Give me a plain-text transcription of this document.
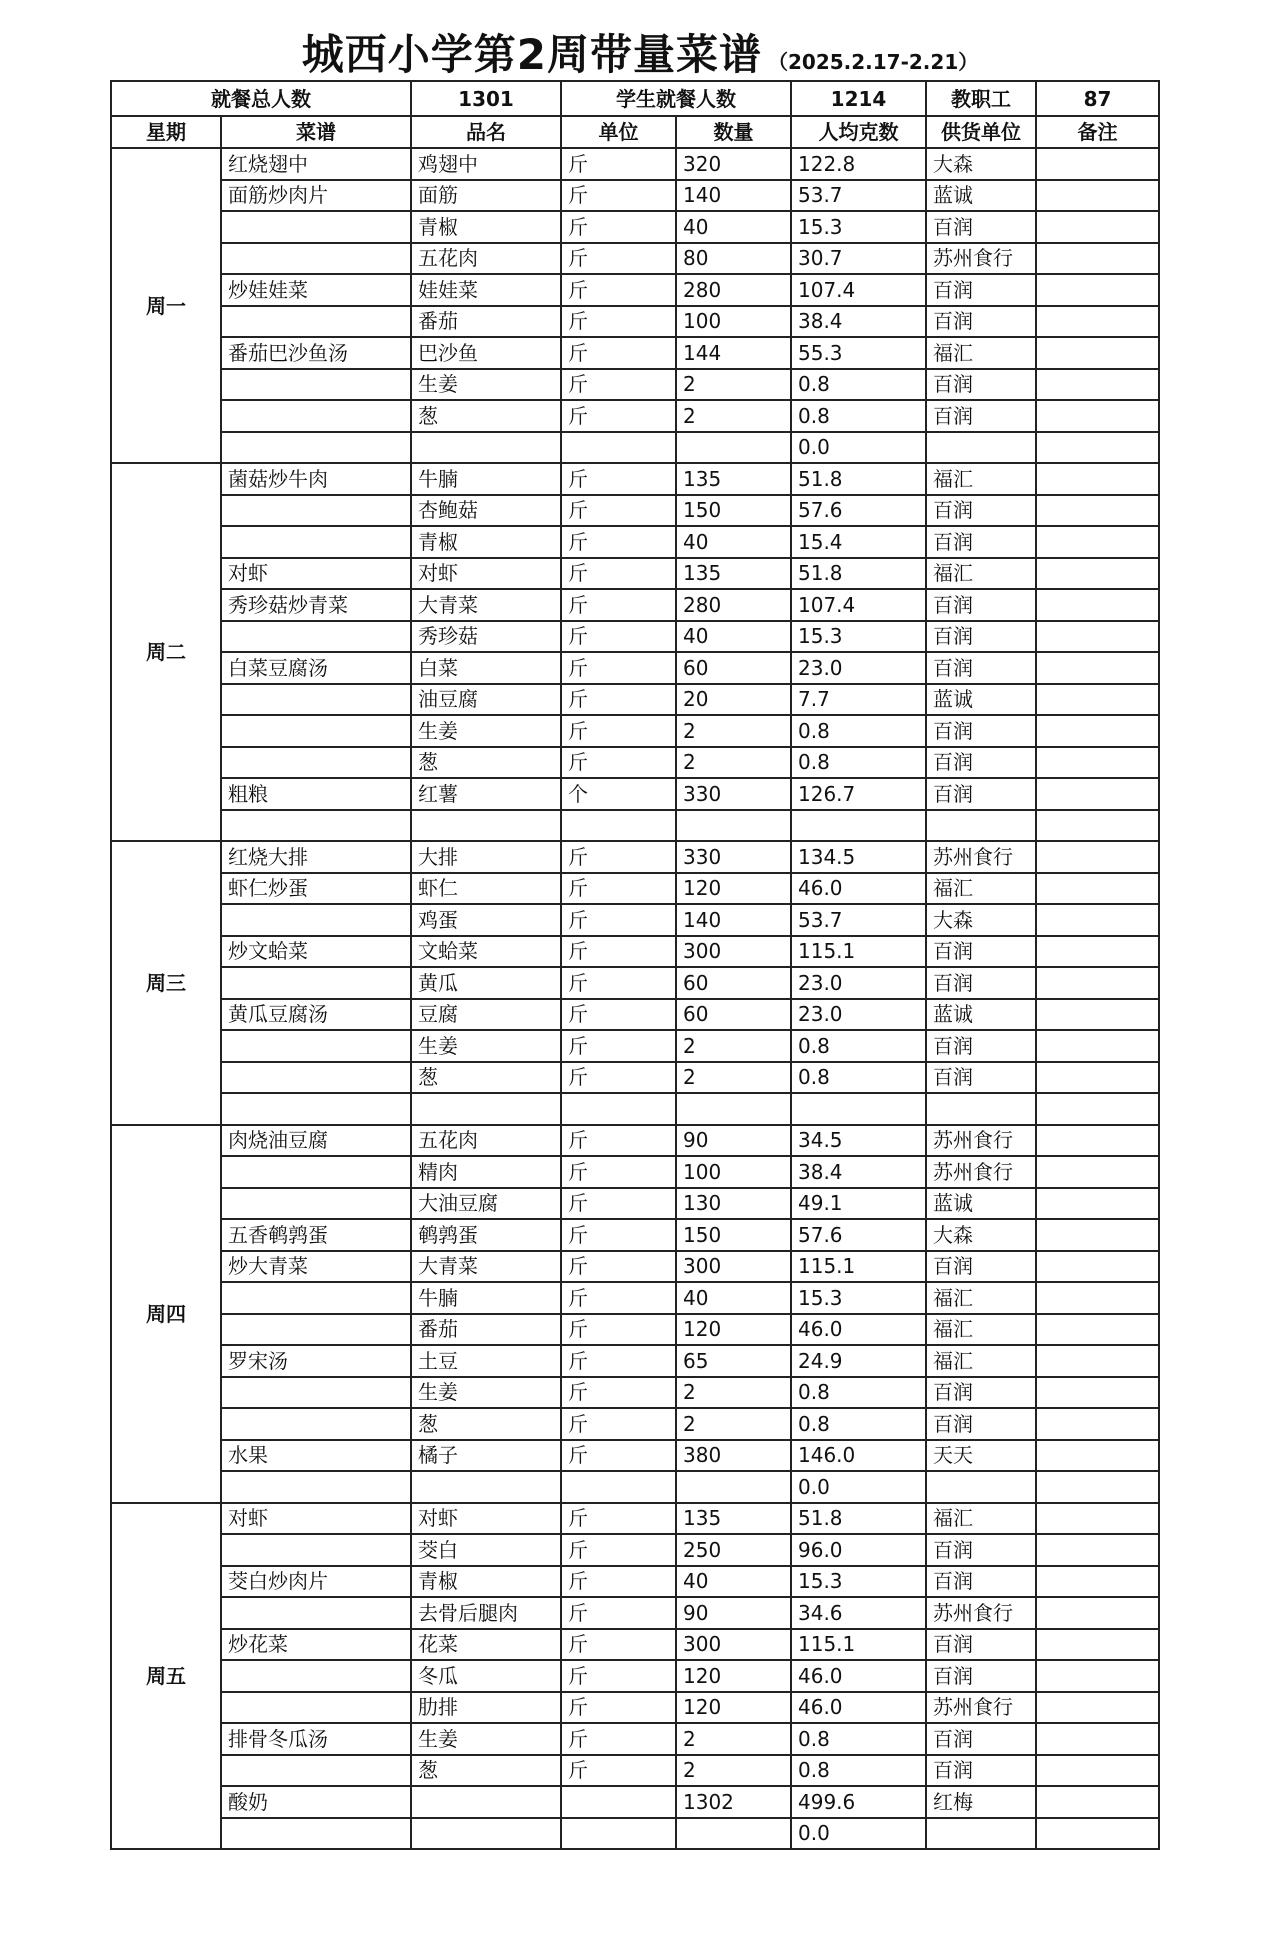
城西小学第2周带量菜谱 （2025.2.17-2.21）
就餐总人数		1301	学生就餐人数		1214	教职工	87
星期	菜谱	品名	单位	数量	人均克数	供货单位	备注
周一	红烧翅中	鸡翅中	斤	320	122.8	大森	
	面筋炒肉片	面筋	斤	140	53.7	蓝诚	
		青椒	斤	40	15.3	百润	
		五花肉	斤	80	30.7	苏州食行	
	炒娃娃菜	娃娃菜	斤	280	107.4	百润	
		番茄	斤	100	38.4	百润	
	番茄巴沙鱼汤	巴沙鱼	斤	144	55.3	福汇	
		生姜	斤	2	0.8	百润	
		葱	斤	2	0.8	百润	
					0.0		
周二	菌菇炒牛肉	牛腩	斤	135	51.8	福汇	
		杏鲍菇	斤	150	57.6	百润	
		青椒	斤	40	15.4	百润	
	对虾	对虾	斤	135	51.8	福汇	
	秀珍菇炒青菜	大青菜	斤	280	107.4	百润	
		秀珍菇	斤	40	15.3	百润	
	白菜豆腐汤	白菜	斤	60	23.0	百润	
		油豆腐	斤	20	7.7	蓝诚	
		生姜	斤	2	0.8	百润	
		葱	斤	2	0.8	百润	
	粗粮	红薯	个	330	126.7	百润	

周三	红烧大排	大排	斤	330	134.5	苏州食行	
	虾仁炒蛋	虾仁	斤	120	46.0	福汇	
		鸡蛋	斤	140	53.7	大森	
	炒文蛤菜	文蛤菜	斤	300	115.1	百润	
		黄瓜	斤	60	23.0	百润	
	黄瓜豆腐汤	豆腐	斤	60	23.0	蓝诚	
		生姜	斤	2	0.8	百润	
		葱	斤	2	0.8	百润	

周四	肉烧油豆腐	五花肉	斤	90	34.5	苏州食行	
		精肉	斤	100	38.4	苏州食行	
		大油豆腐	斤	130	49.1	蓝诚	
	五香鹌鹑蛋	鹌鹑蛋	斤	150	57.6	大森	
	炒大青菜	大青菜	斤	300	115.1	百润	
		牛腩	斤	40	15.3	福汇	
		番茄	斤	120	46.0	福汇	
	罗宋汤	土豆	斤	65	24.9	福汇	
		生姜	斤	2	0.8	百润	
		葱	斤	2	0.8	百润	
	水果	橘子	斤	380	146.0	天天	
					0.0		
周五	对虾	对虾	斤	135	51.8	福汇	
		茭白	斤	250	96.0	百润	
	茭白炒肉片	青椒	斤	40	15.3	百润	
		去骨后腿肉	斤	90	34.6	苏州食行	
	炒花菜	花菜	斤	300	115.1	百润	
		冬瓜	斤	120	46.0	百润	
		肋排	斤	120	46.0	苏州食行	
	排骨冬瓜汤	生姜	斤	2	0.8	百润	
		葱	斤	2	0.8	百润	
	酸奶			1302	499.6	红梅	
					0.0		
